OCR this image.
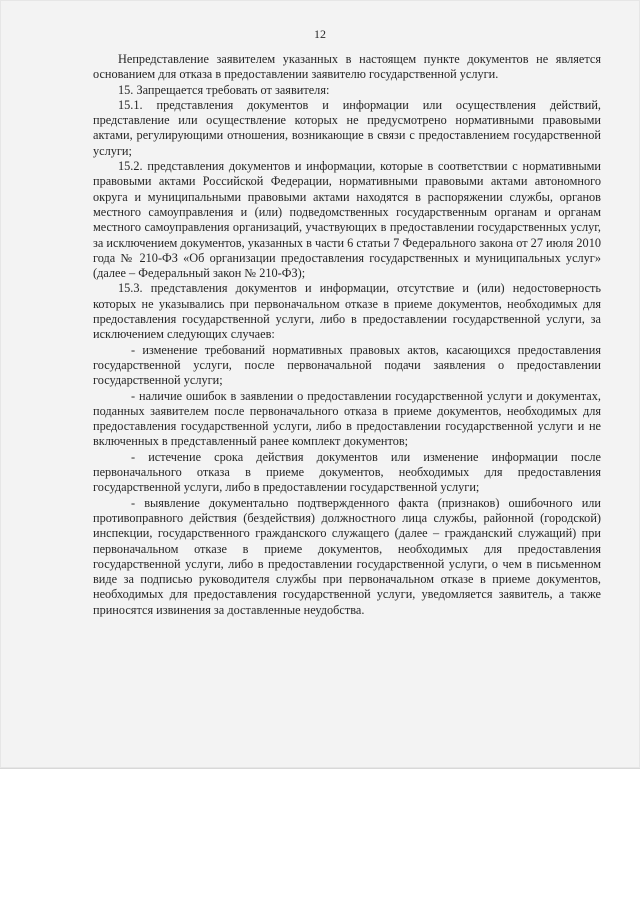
12

Непредставление заявителем указанных в настоящем пункте документов не является основанием для отказа в предоставлении заявителю государственной услуги.

15. Запрещается требовать от заявителя:

15.1. представления документов и информации или осуществления действий, представление или осуществление которых не предусмотрено нормативными правовыми актами, регулирующими отношения, возникающие в связи с предоставлением государственной услуги;

15.2. представления документов и информации, которые в соответствии с нормативными правовыми актами Российской Федерации, нормативными правовыми актами автономного округа и муниципальными правовыми актами находятся в распоряжении службы, органов местного самоуправления и (или) подведомственных государственным органам и органам местного самоуправления организаций, участвующих в предоставлении государственных услуг, за исключением документов, указанных в части 6 статьи 7 Федерального закона от 27 июля 2010 года № 210-ФЗ «Об организации предоставления государственных и муниципальных услуг» (далее – Федеральный закон № 210-ФЗ);

15.3. представления документов и информации, отсутствие и (или) недостоверность которых не указывались при первоначальном отказе в приеме документов, необходимых для предоставления государственной услуги, либо в предоставлении государственной услуги, за исключением следующих случаев:

- изменение требований нормативных правовых актов, касающихся предоставления государственной услуги, после первоначальной подачи заявления о предоставлении государственной услуги;

- наличие ошибок в заявлении о предоставлении государственной услуги и документах, поданных заявителем после первоначального отказа в приеме документов, необходимых для предоставления государственной услуги, либо в предоставлении государственной услуги и не включенных в представленный ранее комплект документов;

- истечение срока действия документов или изменение информации после первоначального отказа в приеме документов, необходимых для предоставления государственной услуги, либо в предоставлении государственной услуги;

- выявление документально подтвержденного факта (признаков) ошибочного или противоправного действия (бездействия) должностного лица службы, районной (городской) инспекции, государственного гражданского служащего (далее – гражданский служащий) при первоначальном отказе в приеме документов, необходимых для предоставления государственной услуги, либо в предоставлении государственной услуги, о чем в письменном виде за подписью руководителя службы при первоначальном отказе в приеме документов, необходимых для предоставления государственной услуги, уведомляется заявитель, а также приносятся извинения за доставленные неудобства.
